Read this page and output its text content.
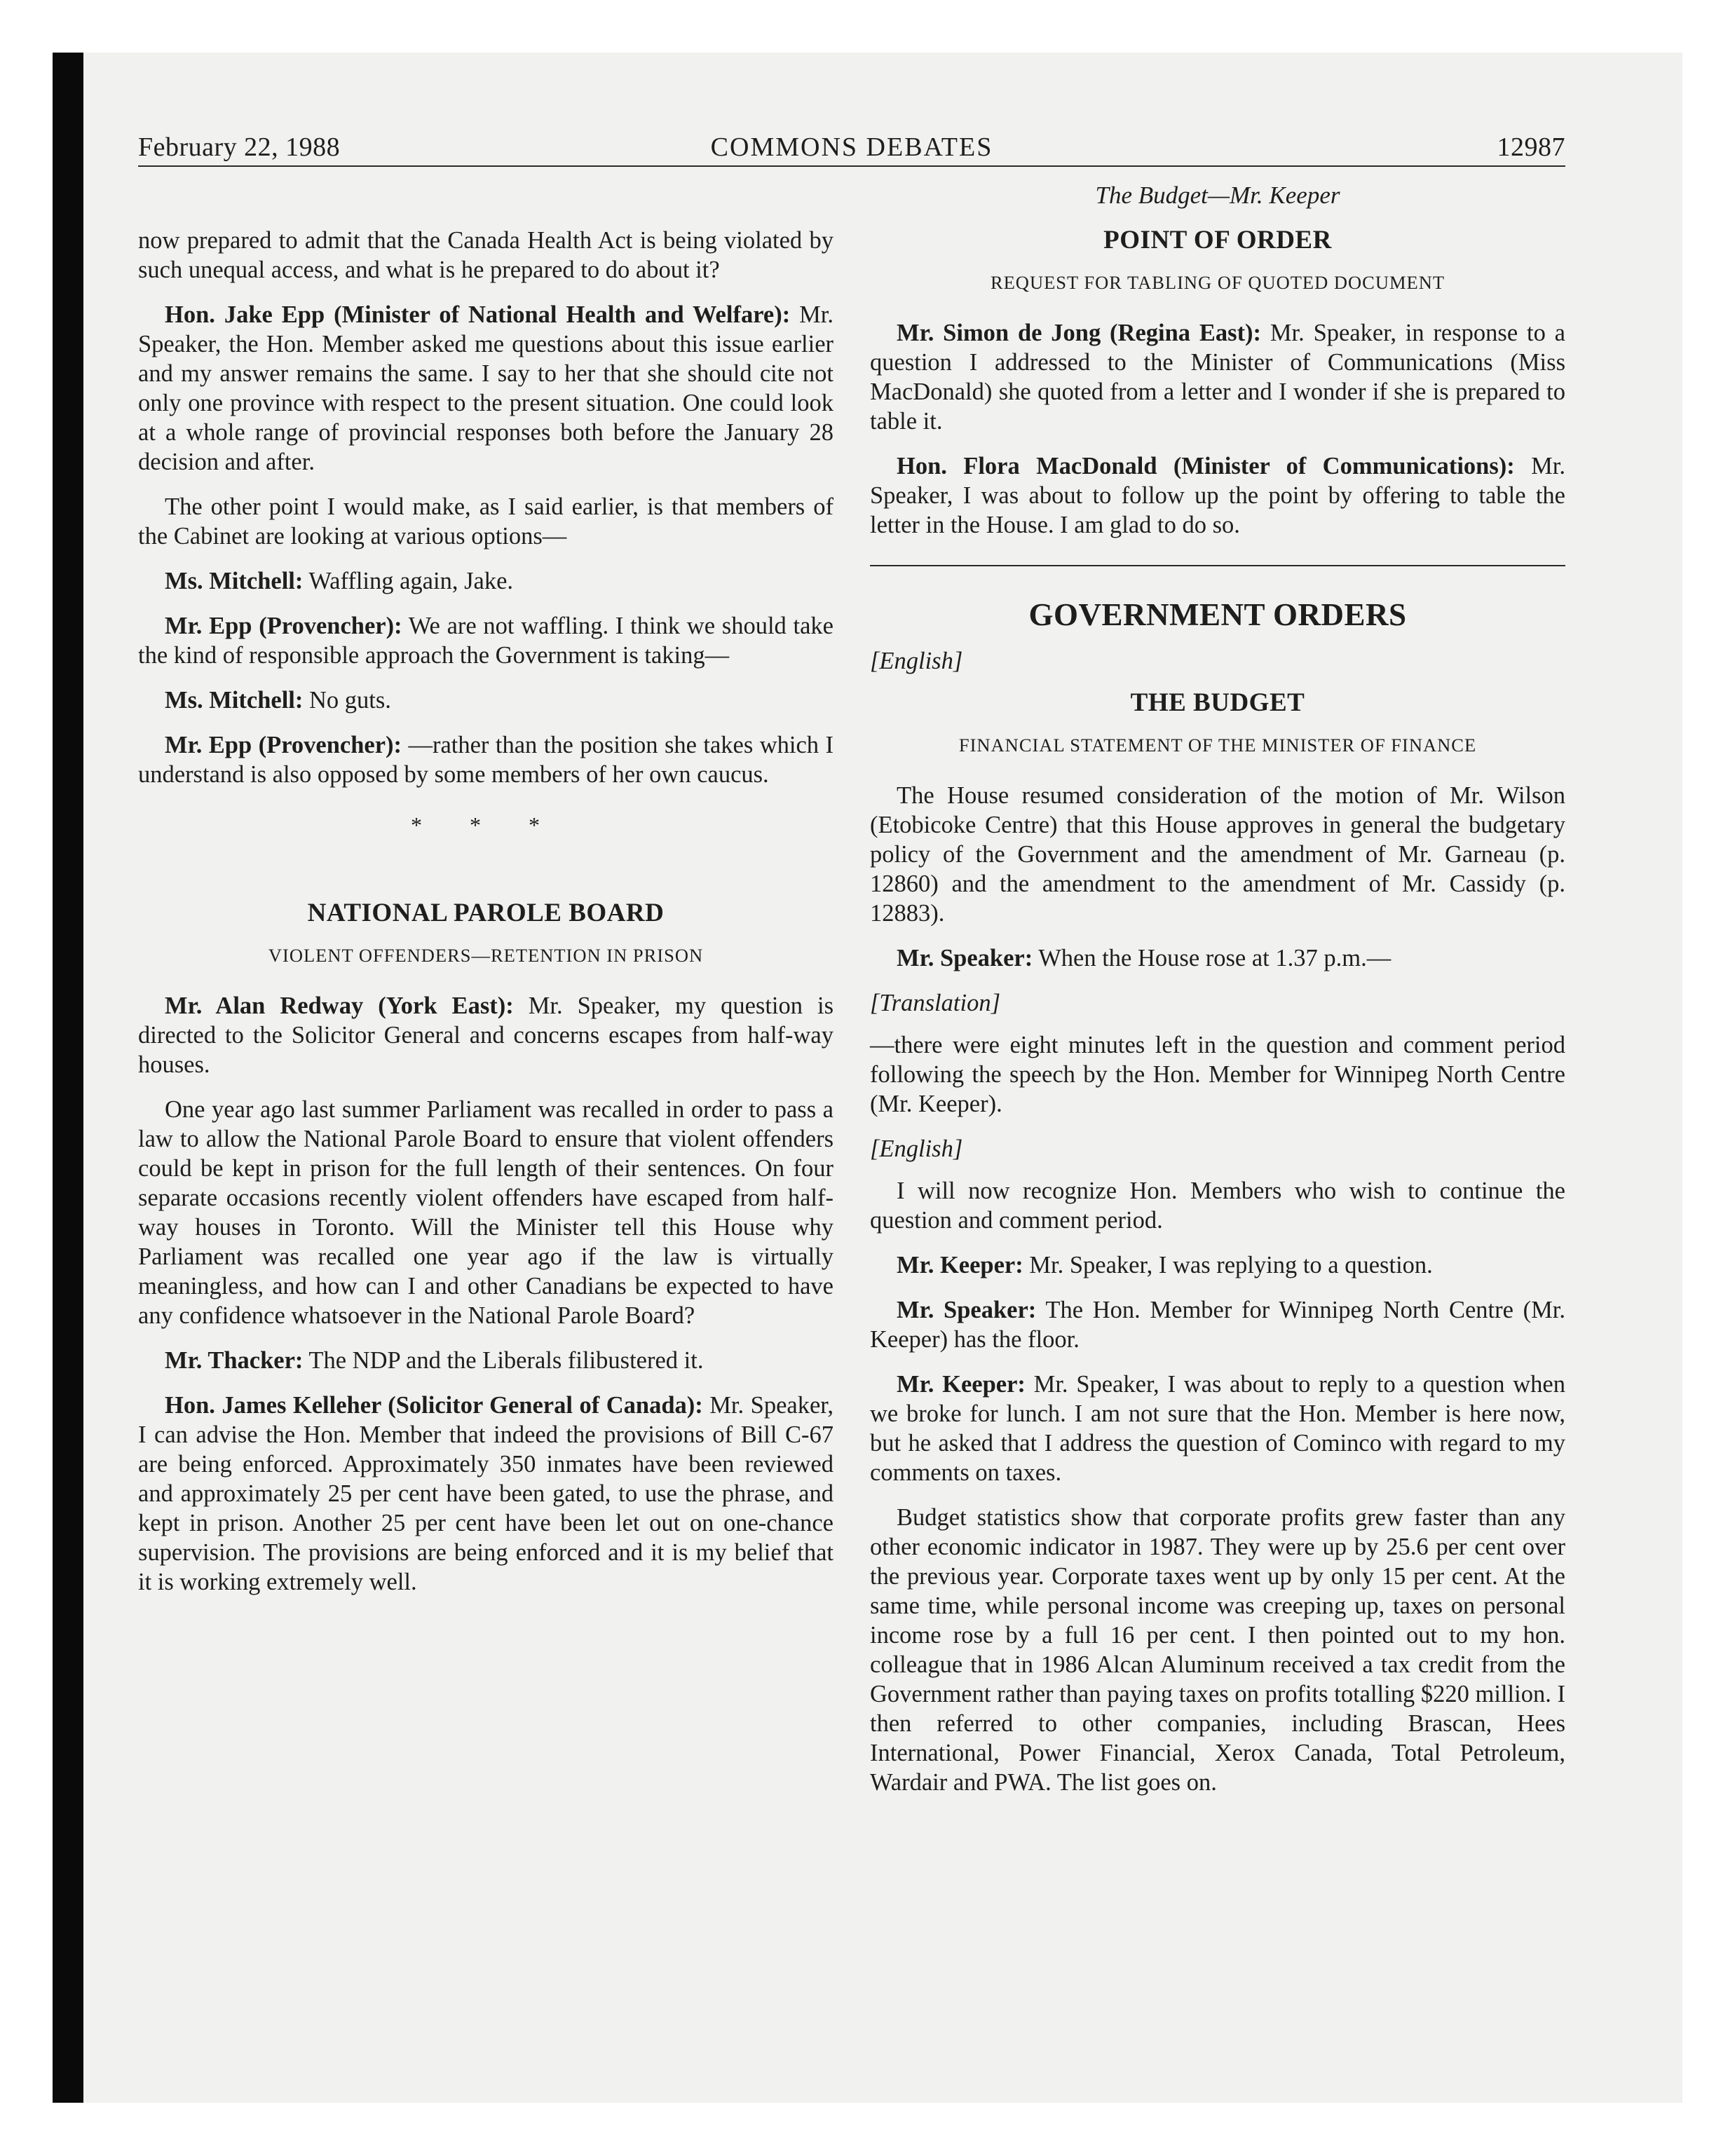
February 22, 1988	COMMONS DEBATES	12987

now prepared to admit that the Canada Health Act is being violated by such unequal access, and what is he prepared to do about it?

Hon. Jake Epp (Minister of National Health and Welfare): Mr. Speaker, the Hon. Member asked me questions about this issue earlier and my answer remains the same. I say to her that she should cite not only one province with respect to the present situation. One could look at a whole range of provincial responses both before the January 28 decision and after.

The other point I would make, as I said earlier, is that members of the Cabinet are looking at various options—

Ms. Mitchell: Waffling again, Jake.

Mr. Epp (Provencher): We are not waffling. I think we should take the kind of responsible approach the Government is taking—

Ms. Mitchell: No guts.

Mr. Epp (Provencher): —rather than the position she takes which I understand is also opposed by some members of her own caucus.

* * *
NATIONAL PAROLE BOARD
VIOLENT OFFENDERS—RETENTION IN PRISON

Mr. Alan Redway (York East): Mr. Speaker, my question is directed to the Solicitor General and concerns escapes from half-way houses.

One year ago last summer Parliament was recalled in order to pass a law to allow the National Parole Board to ensure that violent offenders could be kept in prison for the full length of their sentences. On four separate occasions recently violent offenders have escaped from half-way houses in Toronto. Will the Minister tell this House why Parliament was recalled one year ago if the law is virtually meaningless, and how can I and other Canadians be expected to have any confidence whatsoever in the National Parole Board?

Mr. Thacker: The NDP and the Liberals filibustered it.

Hon. James Kelleher (Solicitor General of Canada): Mr. Speaker, I can advise the Hon. Member that indeed the provisions of Bill C-67 are being enforced. Approximately 350 inmates have been reviewed and approximately 25 per cent have been gated, to use the phrase, and kept in prison. Another 25 per cent have been let out on one-chance supervision. The provisions are being enforced and it is my belief that it is working extremely well.

The Budget—Mr. Keeper
POINT OF ORDER
REQUEST FOR TABLING OF QUOTED DOCUMENT

Mr. Simon de Jong (Regina East): Mr. Speaker, in response to a question I addressed to the Minister of Communications (Miss MacDonald) she quoted from a letter and I wonder if she is prepared to table it.

Hon. Flora MacDonald (Minister of Communications): Mr. Speaker, I was about to follow up the point by offering to table the letter in the House. I am glad to do so.

GOVERNMENT ORDERS

[English]

THE BUDGET
FINANCIAL STATEMENT OF THE MINISTER OF FINANCE

The House resumed consideration of the motion of Mr. Wilson (Etobicoke Centre) that this House approves in general the budgetary policy of the Government and the amendment of Mr. Garneau (p. 12860) and the amendment to the amendment of Mr. Cassidy (p. 12883).

Mr. Speaker: When the House rose at 1.37 p.m.—

[Translation]

—there were eight minutes left in the question and comment period following the speech by the Hon. Member for Winnipeg North Centre (Mr. Keeper).

[English]

I will now recognize Hon. Members who wish to continue the question and comment period.

Mr. Keeper: Mr. Speaker, I was replying to a question.

Mr. Speaker: The Hon. Member for Winnipeg North Centre (Mr. Keeper) has the floor.

Mr. Keeper: Mr. Speaker, I was about to reply to a question when we broke for lunch. I am not sure that the Hon. Member is here now, but he asked that I address the question of Cominco with regard to my comments on taxes.

Budget statistics show that corporate profits grew faster than any other economic indicator in 1987. They were up by 25.6 per cent over the previous year. Corporate taxes went up by only 15 per cent. At the same time, while personal income was creeping up, taxes on personal income rose by a full 16 per cent. I then pointed out to my hon. colleague that in 1986 Alcan Aluminum received a tax credit from the Government rather than paying taxes on profits totalling $220 million. I then referred to other companies, including Brascan, Hees International, Power Financial, Xerox Canada, Total Petroleum, Wardair and PWA. The list goes on.
